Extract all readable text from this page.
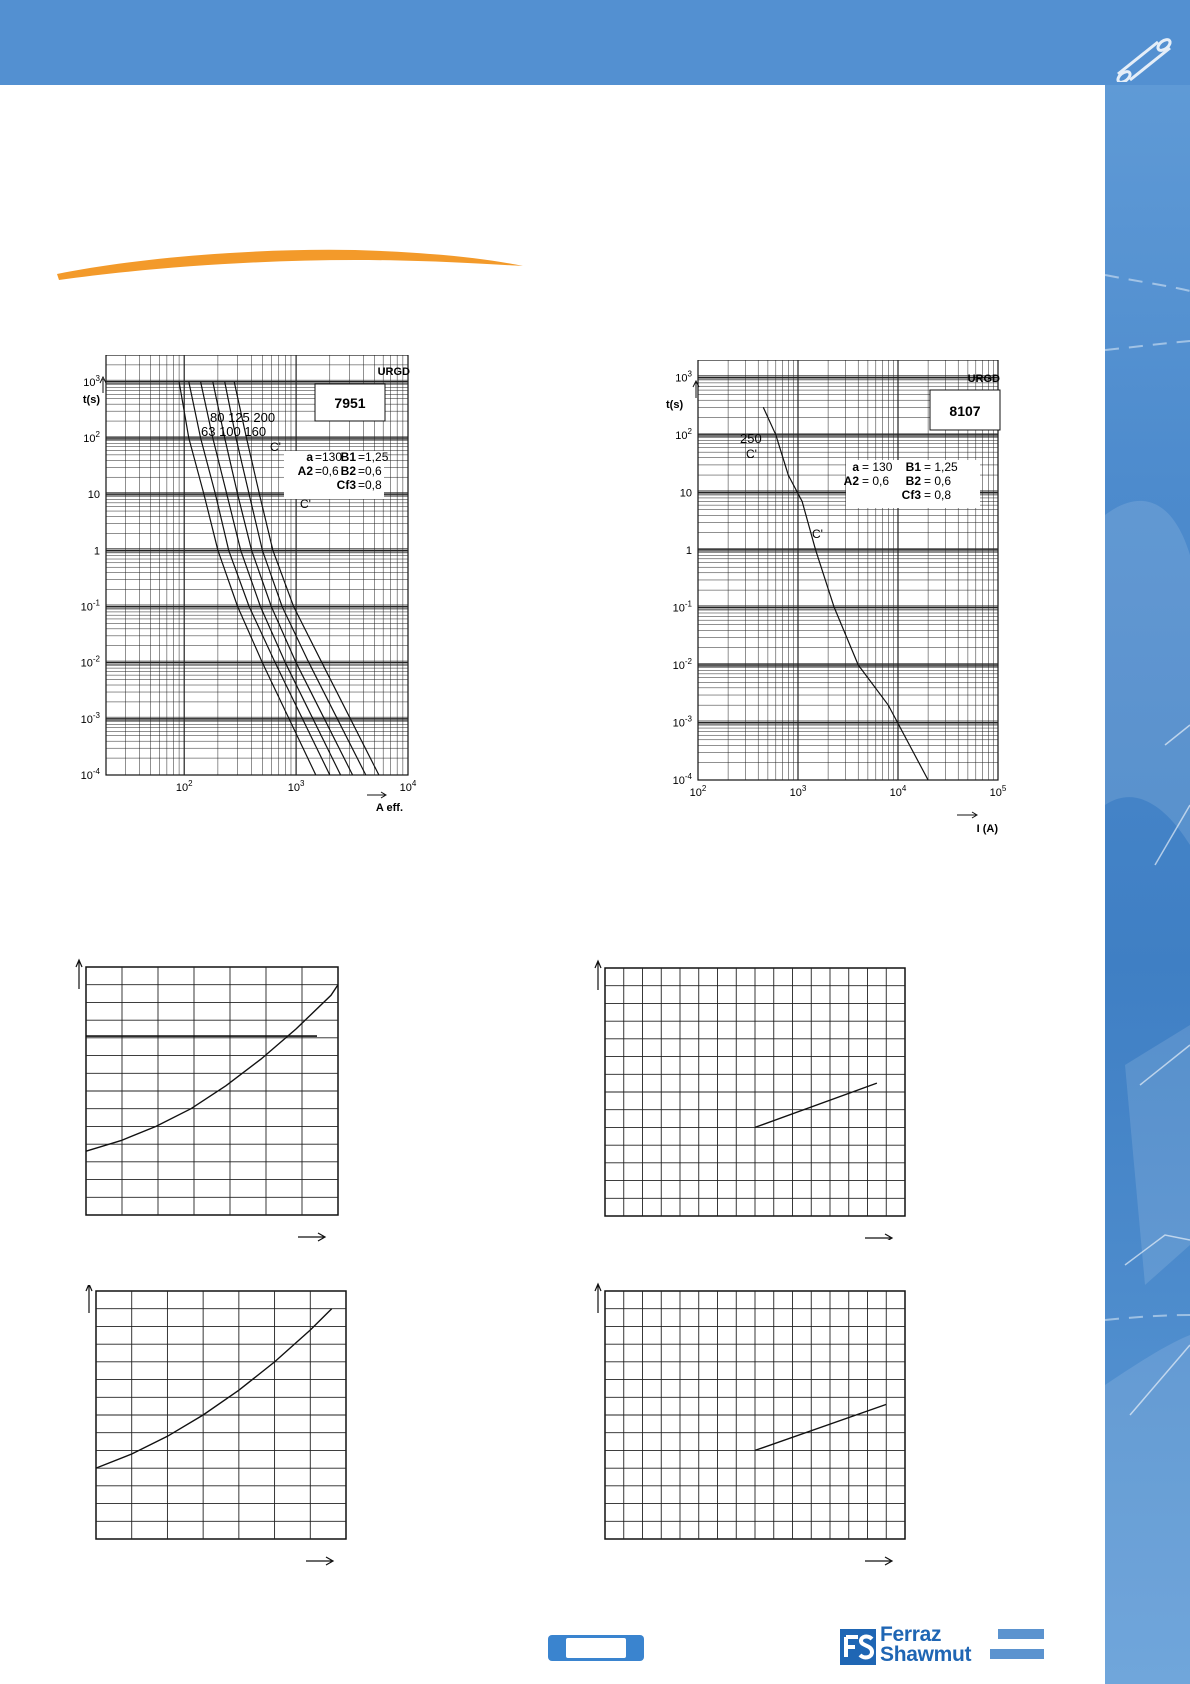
7951
a =130
B1 =1,25
A2 =0,6 B2 =0,6
Cf3 =0,8
URGD
t(s)
80 125 200
63 100 160
C'
C'
$10^3$
$10^2$
10
1
$10^{-1}$
$10^{-2}$
$10^{-3}$
$10^{-4}$
$10^2$	$10^3$	$10^4$
A eff.
8107
a = 130 B1 = 1,25
A2 = 0,6 B2 = 0,6
Cf3 = 0,8
URGD
t(s)
250
C'
C'
$10^3$
$10^2$
10
1
$10^{-1}$
$10^{-2}$
$10^{-3}$
$10^{-4}$
$10^2$	$10^3$	$10^4$	$10^5$
I (A)
Ferraz
Shawmut
